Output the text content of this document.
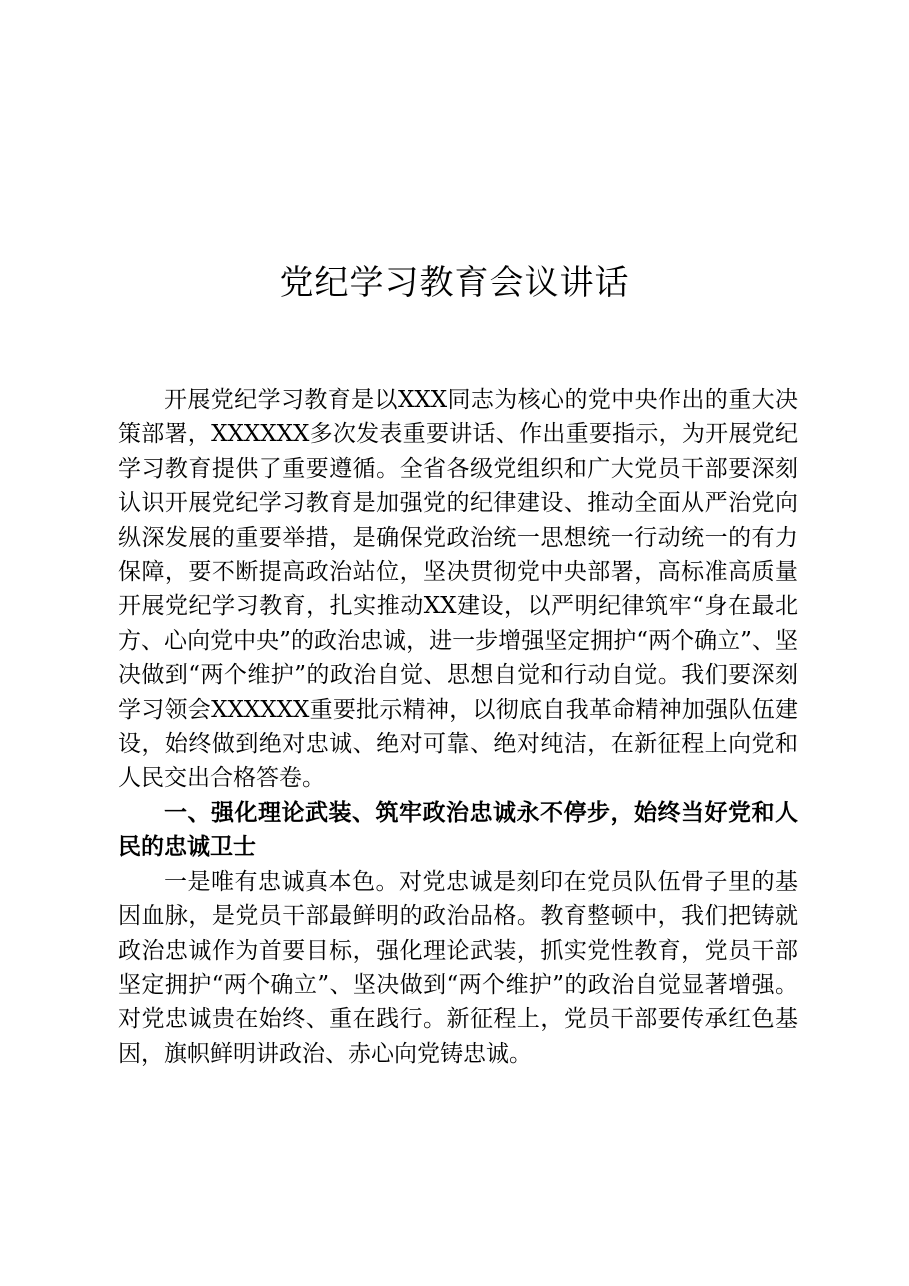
党纪学习教育会议讲话

开展党纪学习教育是以XXX同志为核心的党中央作出的重大决策部署，XXXXXX多次发表重要讲话、作出重要指示，为开展党纪学习教育提供了重要遵循。全省各级党组织和广大党员干部要深刻认识开展党纪学习教育是加强党的纪律建设、推动全面从严治党向纵深发展的重要举措，是确保党政治统一思想统一行动统一的有力保障，要不断提高政治站位，坚决贯彻党中央部署，高标准高质量开展党纪学习教育，扎实推动XX建设，以严明纪律筑牢“身在最北方、心向党中央”的政治忠诚，进一步增强坚定拥护“两个确立”、坚决做到“两个维护”的政治自觉、思想自觉和行动自觉。我们要深刻学习领会XXXXXX重要批示精神，以彻底自我革命精神加强队伍建设，始终做到绝对忠诚、绝对可靠、绝对纯洁，在新征程上向党和人民交出合格答卷。

一、强化理论武装、筑牢政治忠诚永不停步，始终当好党和人民的忠诚卫士

一是唯有忠诚真本色。对党忠诚是刻印在党员队伍骨子里的基因血脉，是党员干部最鲜明的政治品格。教育整顿中，我们把铸就政治忠诚作为首要目标，强化理论武装，抓实党性教育，党员干部坚定拥护“两个确立”、坚决做到“两个维护”的政治自觉显著增强。对党忠诚贵在始终、重在践行。新征程上，党员干部要传承红色基因，旗帜鲜明讲政治、赤心向党铸忠诚。
